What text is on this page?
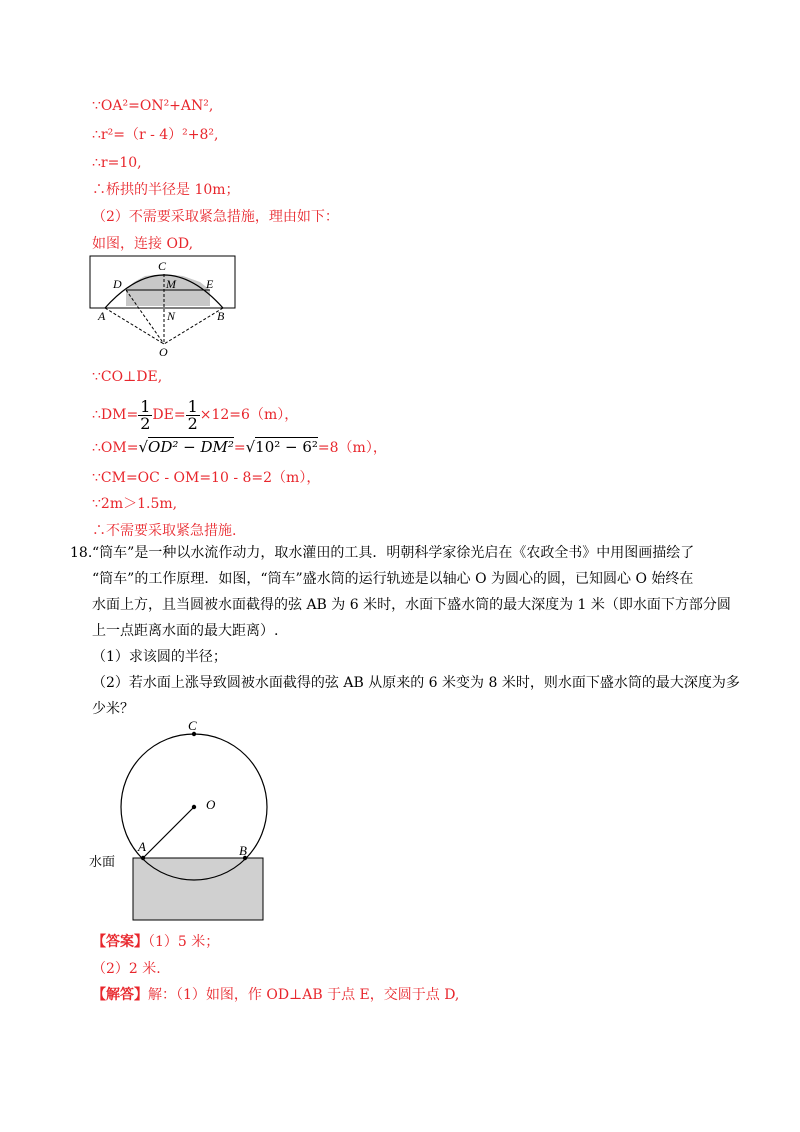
∵OA²=ON²+AN²,
∴r²=（r - 4）²+8²,
∴r=10,
∴桥拱的半径是 10m；
（2）不需要采取紧急措施，理由如下：
如图，连接 OD,
C
D	M	E
A	N	B
O
∵CO⊥DE,
∴DM= $\frac{1}{2} DE= \frac{1}{2} \times 12=6(m)$，
∴OM=√OD² − DM²=√10² − 6²=8（m），
∵CM=OC - OM=10 - 8=2（m），
∵2m＞1.5m,
∴不需要采取紧急措施.
18. “筒车”是一种以水流作动力，取水灌田的工具．明朝科学家徐光启在《农政全书》中用图画描绘了
“筒车”的工作原理．如图，“筒车”盛水筒的运行轨迹是以轴心 O 为圆心的圆，已知圆心 O 始终在
水面上方，且当圆被水面截得的弦 AB 为 6 米时，水面下盛水筒的最大深度为 1 米（即水面下方部分圆
上一点距离水面的最大距离）.
（1）求该圆的半径；
（2）若水面上涨导致圆被水面截得的弦 AB 从原来的 6 米变为 8 米时，则水面下盛水筒的最大深度为多
少米？
C
O
A	B
水面
【答案】（1）5 米；
（2）2 米.
【解答】解：（1）如图，作 OD⊥AB 于点 E，交圆于点 D,
